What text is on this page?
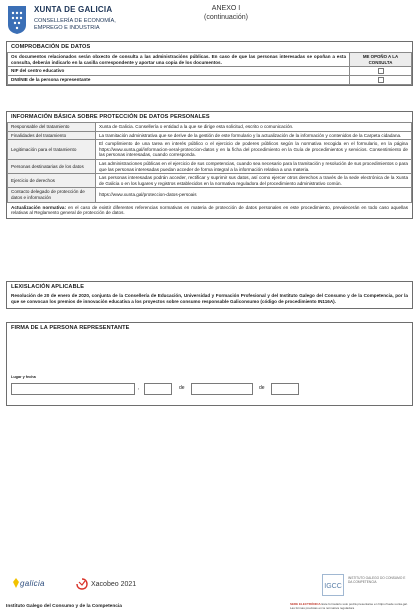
XUNTA DE GALICIA
CONSELLERÍA DE ECONOMÍA,
EMPREGO E INDUSTRIA
ANEXO I
(continuación)
COMPROBACIÓN DE DATOS
Os documentos relacionados serán obxecto de consulta a las administracións públicas. En caso de que las personas interesadas se opoñan a esta consulta, deberán indicarlo en la casilla correspondente y aportar una copia de los documentos.	ME OPOÑO A LA CONSULTA
NIF del centro educativo	
DNI/NIE de la persona representante	
INFORMACIÓN BÁSICA SOBRE PROTECCIÓN DE DATOS PERSONALES
Responsable del tratamiento	Xunta de Galicia. Consellería o entidad a la que se dirige esta solicitud, escrito o comunicación.
Finalidades del tratamiento	La tramitación administrativa que se derive de la gestión de este formulario y la actualización de la información y contenidos de la Carpeta cidadana.
Legitimación para el tratamiento	El cumplimiento de una tarea en interés público o el ejercicio de poderes públicos según la normativa recogida en el formulario, en la página https://www.xunta.gal/informacion-xeral-proteccion-datos y en la ficha del procedimiento en la Guía de procedimientos y servicios. Consentimiento de las personas interesadas, cuando corresponda.
Personas destinatarias de los datos	Las administraciones públicas en el ejercicio de sus competencias, cuando sea necesario para la tramitación y resolución de sus procedimientos o para que las personas interesadas puedan acceder de forma integral a la información relativa a una materia.
Ejercicio de derechos	Las personas interesadas podrán acceder, rectificar y suprimir sus datos, así como ejercer otros derechos a través de la sede electrónica de la Xunta de Galicia o en los lugares y registros establecidos en la normativa reguladora del procedimiento administrativo común.
Contacto delegado de protección de datos e información	https://www.xunta.gal/proteccion-datos-persoais
Actualización normativa: en el caso de existir diferentes referencias normativas en materia de protección de datos personales en este procedimiento, prevalecerán en todo caso aquellas relativas al Reglamento general de protección de datos.
LEXISLACIÓN APLICABLE
Resolución de 20 de enero de 2020, conjunta de la Consellería de Educación, Universidad y Formación Profesional y del Instituto Galego del Consumo y de la Competencia, por la que se convocan los premios de innovación educativa a los proyectos sobre consumo responsable Galiconsumo (código de procedimiento IN116A).
FIRMA DE LA PERSONA REPRESENTANTE
Lugar y fecha
,	de	de
galicia	Xacobeo 2021	IGCC
INSTITUTO GALEGO DO CONSUMO E DA COMPETENCIA
Instituto Galego del Consumo y de la Competencia	SEDE ELECTRÓNICA Este formulario solo podrá presentarse en https://sede.xunta.gal. Las formas previstas en la normativa reguladora
